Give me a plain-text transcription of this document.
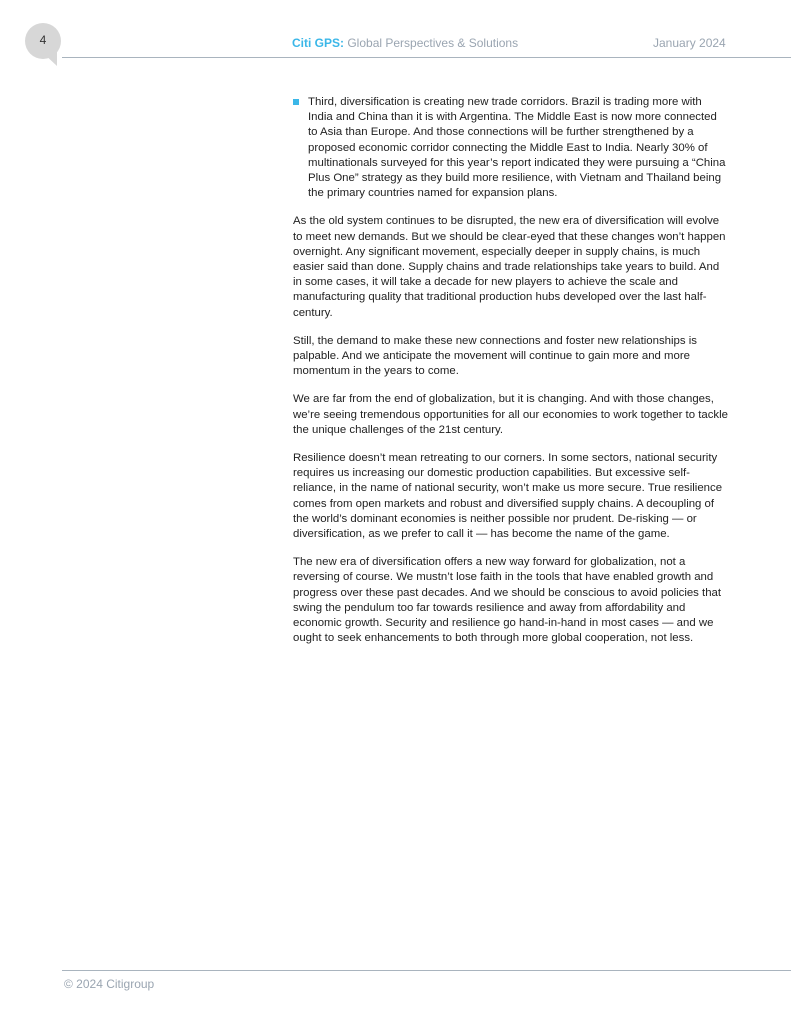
4	Citi GPS: Global Perspectives & Solutions	January 2024
Third, diversification is creating new trade corridors. Brazil is trading more with India and China than it is with Argentina. The Middle East is now more connected to Asia than Europe. And those connections will be further strengthened by a proposed economic corridor connecting the Middle East to India. Nearly 30% of multinationals surveyed for this year’s report indicated they were pursuing a “China Plus One” strategy as they build more resilience, with Vietnam and Thailand being the primary countries named for expansion plans.

As the old system continues to be disrupted, the new era of diversification will evolve to meet new demands. But we should be clear-eyed that these changes won’t happen overnight. Any significant movement, especially deeper in supply chains, is much easier said than done. Supply chains and trade relationships take years to build. And in some cases, it will take a decade for new players to achieve the scale and manufacturing quality that traditional production hubs developed over the last half-century.

Still, the demand to make these new connections and foster new relationships is palpable. And we anticipate the movement will continue to gain more and more momentum in the years to come.

We are far from the end of globalization, but it is changing. And with those changes, we’re seeing tremendous opportunities for all our economies to work together to tackle the unique challenges of the 21st century.

Resilience doesn’t mean retreating to our corners. In some sectors, national security requires us increasing our domestic production capabilities. But excessive self-reliance, in the name of national security, won’t make us more secure. True resilience comes from open markets and robust and diversified supply chains. A decoupling of the world’s dominant economies is neither possible nor prudent. De-risking — or diversification, as we prefer to call it — has become the name of the game.

The new era of diversification offers a new way forward for globalization, not a reversing of course. We mustn’t lose faith in the tools that have enabled growth and progress over these past decades. And we should be conscious to avoid policies that swing the pendulum too far towards resilience and away from affordability and economic growth. Security and resilience go hand-in-hand in most cases — and we ought to seek enhancements to both through more global cooperation, not less.

© 2024 Citigroup
